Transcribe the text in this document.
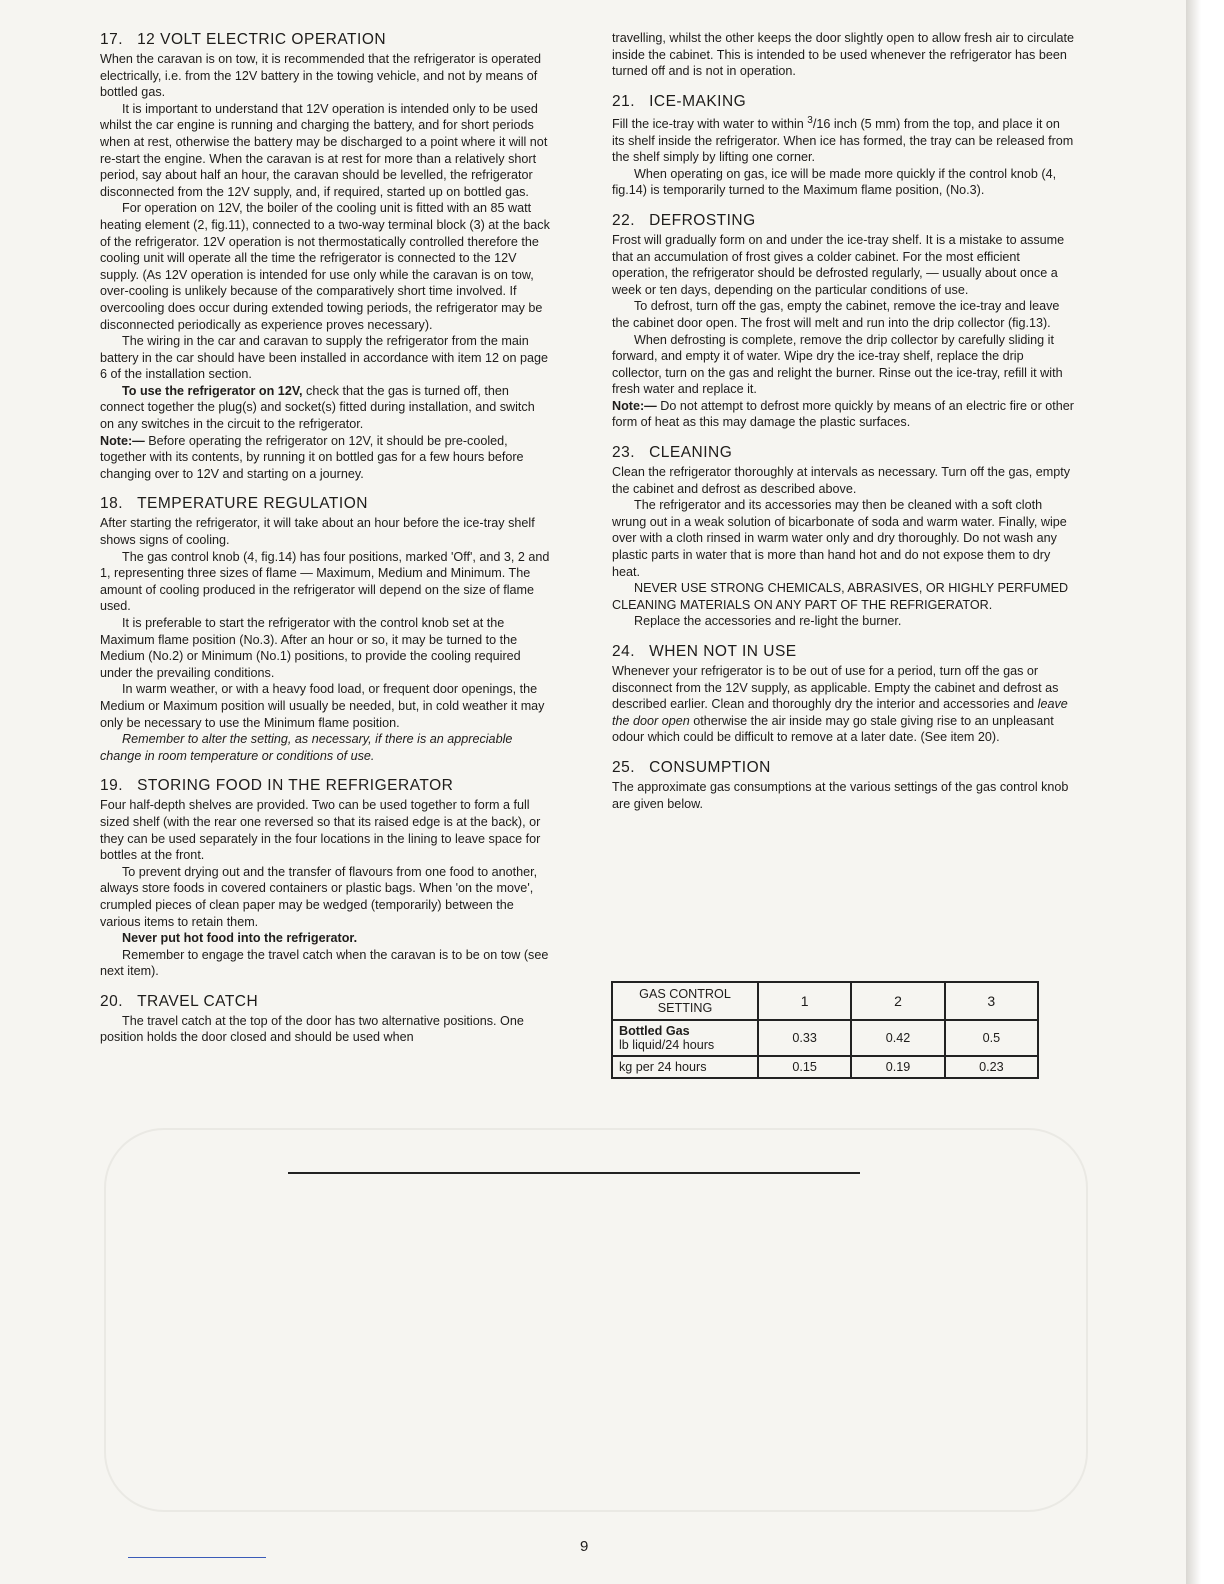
17. 12 VOLT ELECTRIC OPERATION

When the caravan is on tow, it is recommended that the refrigerator is operated electrically, i.e. from the 12V battery in the towing vehicle, and not by means of bottled gas.

It is important to understand that 12V operation is intended only to be used whilst the car engine is running and charging the battery, and for short periods when at rest, otherwise the battery may be discharged to a point where it will not re-start the engine. When the caravan is at rest for more than a relatively short period, say about half an hour, the caravan should be levelled, the refrigerator disconnected from the 12V supply, and, if required, started up on bottled gas.

For operation on 12V, the boiler of the cooling unit is fitted with an 85 watt heating element (2, fig.11), connected to a two-way terminal block (3) at the back of the refrigerator. 12V operation is not thermostatically controlled therefore the cooling unit will operate all the time the refrigerator is connected to the 12V supply. (As 12V operation is intended for use only while the caravan is on tow, over-cooling is unlikely because of the comparatively short time involved. If overcooling does occur during extended towing periods, the refrigerator may be disconnected periodically as experience proves necessary).

The wiring in the car and caravan to supply the refrigerator from the main battery in the car should have been installed in accordance with item 12 on page 6 of the installation section.

To use the refrigerator on 12V, check that the gas is turned off, then connect together the plug(s) and socket(s) fitted during installation, and switch on any switches in the circuit to the refrigerator.

Note:— Before operating the refrigerator on 12V, it should be pre-cooled, together with its contents, by running it on bottled gas for a few hours before changing over to 12V and starting on a journey.

18. TEMPERATURE REGULATION

After starting the refrigerator, it will take about an hour before the ice-tray shelf shows signs of cooling.

The gas control knob (4, fig.14) has four positions, marked 'Off', and 3, 2 and 1, representing three sizes of flame — Maximum, Medium and Minimum. The amount of cooling produced in the refrigerator will depend on the size of flame used.

It is preferable to start the refrigerator with the control knob set at the Maximum flame position (No.3). After an hour or so, it may be turned to the Medium (No.2) or Minimum (No.1) positions, to provide the cooling required under the prevailing conditions.

In warm weather, or with a heavy food load, or frequent door openings, the Medium or Maximum position will usually be needed, but, in cold weather it may only be necessary to use the Minimum flame position.

Remember to alter the setting, as necessary, if there is an appreciable change in room temperature or conditions of use.

19. STORING FOOD IN THE REFRIGERATOR

Four half-depth shelves are provided. Two can be used together to form a full sized shelf (with the rear one reversed so that its raised edge is at the back), or they can be used separately in the four locations in the lining to leave space for bottles at the front.

To prevent drying out and the transfer of flavours from one food to another, always store foods in covered containers or plastic bags. When 'on the move', crumpled pieces of clean paper may be wedged (temporarily) between the various items to retain them.

Never put hot food into the refrigerator.

Remember to engage the travel catch when the caravan is to be on tow (see next item).

20. TRAVEL CATCH

The travel catch at the top of the door has two alternative positions. One position holds the door closed and should be used when

travelling, whilst the other keeps the door slightly open to allow fresh air to circulate inside the cabinet. This is intended to be used whenever the refrigerator has been turned off and is not in operation.

21. ICE-MAKING

Fill the ice-tray with water to within $^3$/16 inch (5 mm) from the top, and place it on its shelf inside the refrigerator. When ice has formed, the tray can be released from the shelf simply by lifting one corner.

When operating on gas, ice will be made more quickly if the control knob (4, fig.14) is temporarily turned to the Maximum flame position, (No.3).

22. DEFROSTING

Frost will gradually form on and under the ice-tray shelf. It is a mistake to assume that an accumulation of frost gives a colder cabinet. For the most efficient operation, the refrigerator should be defrosted regularly, — usually about once a week or ten days, depending on the particular conditions of use.

To defrost, turn off the gas, empty the cabinet, remove the ice-tray and leave the cabinet door open. The frost will melt and run into the drip collector (fig.13).

When defrosting is complete, remove the drip collector by carefully sliding it forward, and empty it of water. Wipe dry the ice-tray shelf, replace the drip collector, turn on the gas and relight the burner. Rinse out the ice-tray, refill it with fresh water and replace it.

Note:— Do not attempt to defrost more quickly by means of an electric fire or other form of heat as this may damage the plastic surfaces.

23. CLEANING

Clean the refrigerator thoroughly at intervals as necessary. Turn off the gas, empty the cabinet and defrost as described above.

The refrigerator and its accessories may then be cleaned with a soft cloth wrung out in a weak solution of bicarbonate of soda and warm water. Finally, wipe over with a cloth rinsed in warm water only and dry thoroughly. Do not wash any plastic parts in water that is more than hand hot and do not expose them to dry heat.

NEVER USE STRONG CHEMICALS, ABRASIVES, OR HIGHLY PERFUMED CLEANING MATERIALS ON ANY PART OF THE REFRIGERATOR.

Replace the accessories and re-light the burner.

24. WHEN NOT IN USE

Whenever your refrigerator is to be out of use for a period, turn off the gas or disconnect from the 12V supply, as applicable. Empty the cabinet and defrost as described earlier. Clean and thoroughly dry the interior and accessories and leave the door open otherwise the air inside may go stale giving rise to an unpleasant odour which could be difficult to remove at a later date. (See item 20).

25. CONSUMPTION

The approximate gas consumptions at the various settings of the gas control knob are given below.

GAS CONTROL SETTING	1	2	3

Bottled Gas
lb liquid/24 hours	0.33	0.42	0.5
kg per 24 hours	0.15	0.19	0.23
9
